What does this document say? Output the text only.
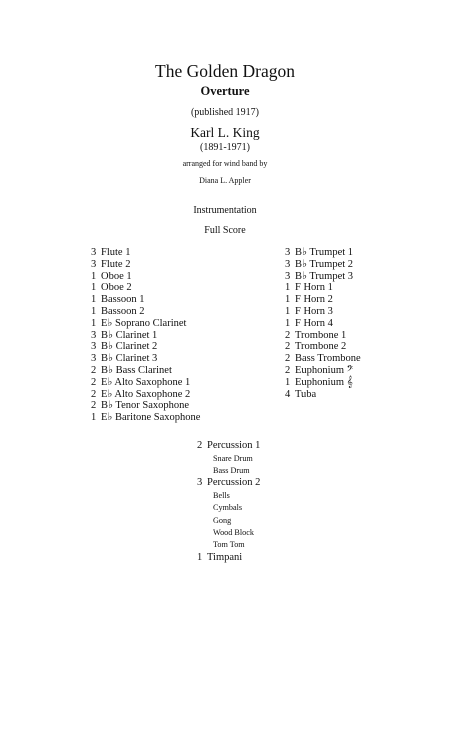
The Golden Dragon
Overture
(published 1917)
Karl L. King
(1891-1971)
arranged for wind band by
Diana L. Appler
Instrumentation
Full Score
3 Flute 1
3 Flute 2
1 Oboe 1
1 Oboe 2
1 Bassoon 1
1 Bassoon 2
1 E♭ Soprano Clarinet
3 B♭ Clarinet 1
3 B♭ Clarinet 2
3 B♭ Clarinet 3
2 B♭ Bass Clarinet
2 E♭ Alto Saxophone 1
2 E♭ Alto Saxophone 2
2 B♭ Tenor Saxophone
1 E♭ Baritone Saxophone
3 B♭ Trumpet 1
3 B♭ Trumpet 2
3 B♭ Trumpet 3
1 F Horn 1
1 F Horn 2
1 F Horn 3
1 F Horn 4
2 Trombone 1
2 Trombone 2
2 Bass Trombone
2 Euphonium 𝄢
1 Euphonium 𝄞
4 Tuba
2 Percussion 1
Snare Drum
Bass Drum
3 Percussion 2
Bells
Cymbals
Gong
Wood Block
Tom Tom
1 Timpani
